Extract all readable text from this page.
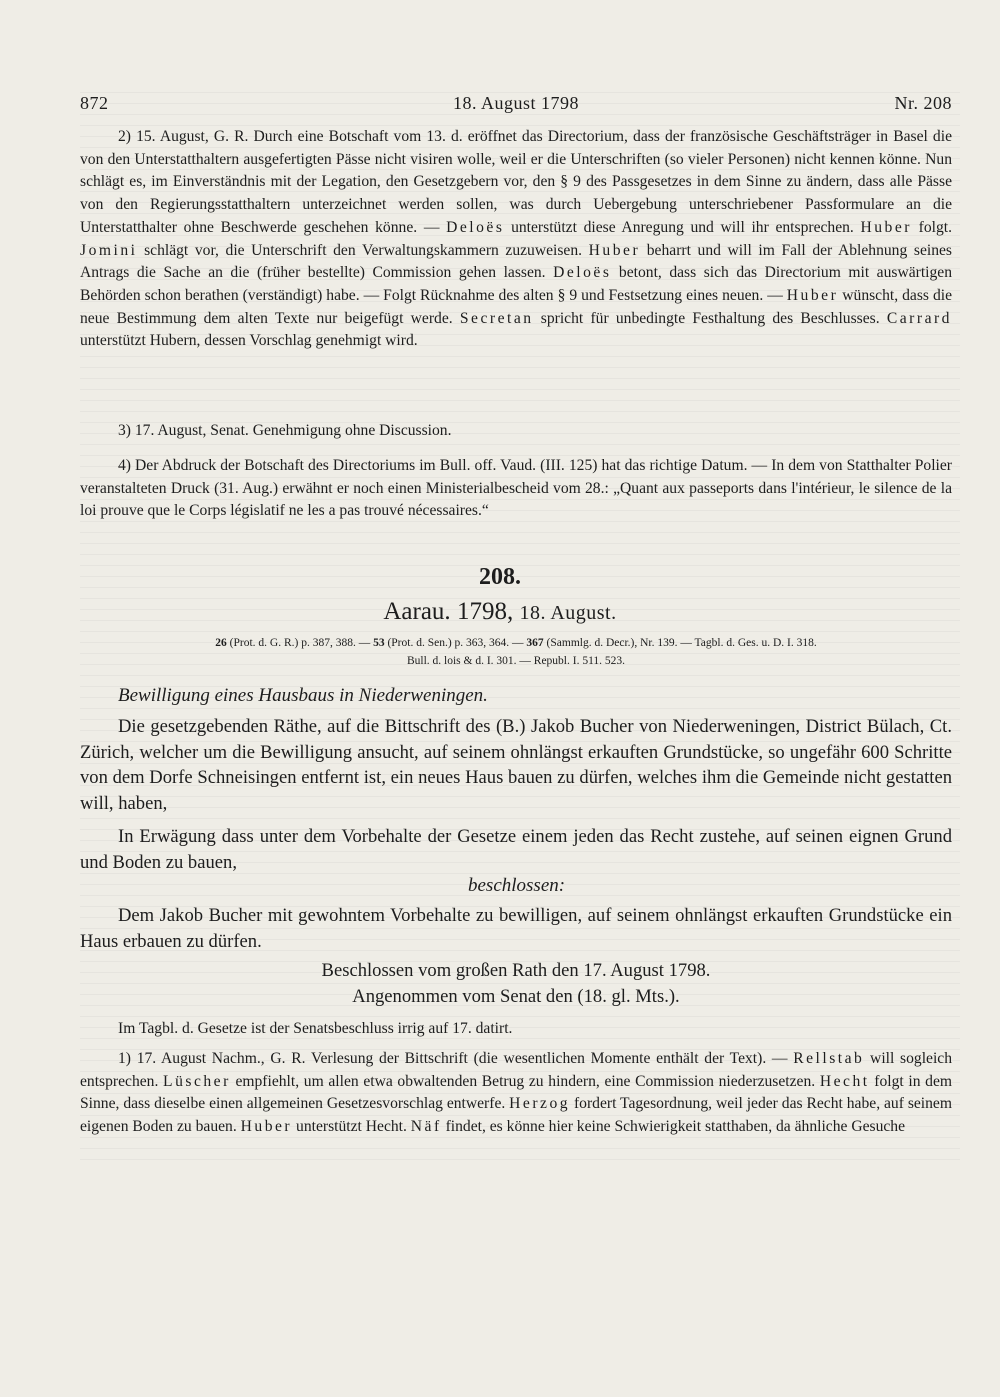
872	18. August 1798	Nr. 208

2) 15. August, G. R. Durch eine Botschaft vom 13. d. eröffnet das Directorium, dass der französische Geschäftsträger in Basel die von den Unterstatthaltern ausgefertigten Pässe nicht visiren wolle, weil er die Unterschriften (so vieler Personen) nicht kennen könne. Nun schlägt es, im Einverständnis mit der Legation, den Gesetzgebern vor, den § 9 des Passgesetzes in dem Sinne zu ändern, dass alle Pässe von den Regierungsstatthaltern unterzeichnet werden sollen, was durch Uebergebung unterschriebener Passformulare an die Unterstatthalter ohne Beschwerde geschehen könne. — Deloës unterstützt diese Anregung und will ihr entsprechen. Huber folgt. Jomini schlägt vor, die Unterschrift den Verwaltungskammern zuzuweisen. Huber beharrt und will im Fall der Ablehnung seines Antrags die Sache an die (früher bestellte) Commission gehen lassen. Deloës betont, dass sich das Directorium mit auswärtigen Behörden schon berathen (verständigt) habe. — Folgt Rücknahme des alten § 9 und Festsetzung eines neuen. — Huber wünscht, dass die neue Bestimmung dem alten Texte nur beigefügt werde. Secretan spricht für unbedingte Festhaltung des Beschlusses. Carrard unterstützt Hubern, dessen Vorschlag genehmigt wird.

3) 17. August, Senat. Genehmigung ohne Discussion.

4) Der Abdruck der Botschaft des Directoriums im Bull. off. Vaud. (III. 125) hat das richtige Datum. — In dem von Statthalter Polier veranstalteten Druck (31. Aug.) erwähnt er noch einen Ministerialbescheid vom 28.: „Quant aux passeports dans l'intérieur, le silence de la loi prouve que le Corps législatif ne les a pas trouvé nécessaires.“

208.
Aarau. 1798, 18. August.
26 (Prot. d. G. R.) p. 387, 388. — 53 (Prot. d. Sen.) p. 363, 364. — 367 (Sammlg. d. Decr.), Nr. 139. — Tagbl. d. Ges. u. D. I. 318.
Bull. d. lois & d. I. 301. — Republ. I. 511. 523.
Bewilligung eines Hausbaus in Niederweningen.

Die gesetzgebenden Räthe, auf die Bittschrift des (B.) Jakob Bucher von Niederweningen, District Bülach, Ct. Zürich, welcher um die Bewilligung ansucht, auf seinem ohnlängst erkauften Grundstücke, so ungefähr 600 Schritte von dem Dorfe Schneisingen entfernt ist, ein neues Haus bauen zu dürfen, welches ihm die Gemeinde nicht gestatten will, haben,

In Erwägung dass unter dem Vorbehalte der Gesetze einem jeden das Recht zustehe, auf seinen eignen Grund und Boden zu bauen,

beschlossen:

Dem Jakob Bucher mit gewohntem Vorbehalte zu bewilligen, auf seinem ohnlängst erkauften Grundstücke ein Haus erbauen zu dürfen.

Beschlossen vom großen Rath den 17. August 1798.

Angenommen vom Senat den (18. gl. Mts.).

Im Tagbl. d. Gesetze ist der Senatsbeschluss irrig auf 17. datirt.

1) 17. August Nachm., G. R. Verlesung der Bittschrift (die wesentlichen Momente enthält der Text). — Rellstab will sogleich entsprechen. Lüscher empfiehlt, um allen etwa obwaltenden Betrug zu hindern, eine Commission niederzusetzen. Hecht folgt in dem Sinne, dass dieselbe einen allgemeinen Gesetzesvorschlag entwerfe. Herzog fordert Tagesordnung, weil jeder das Recht habe, auf seinem eigenen Boden zu bauen. Huber unterstützt Hecht. Näf findet, es könne hier keine Schwierigkeit statthaben, da ähnliche Gesuche
